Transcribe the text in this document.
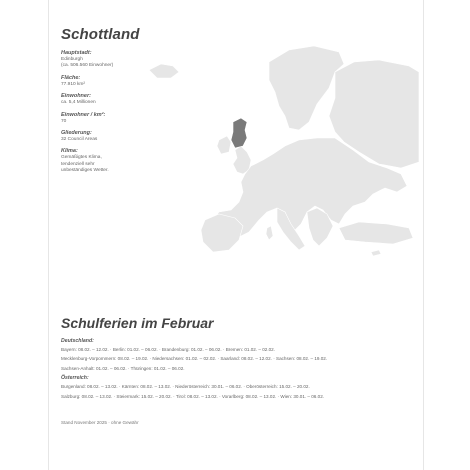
Schottland
Hauptstadt:
Edinburgh
(ca. 506.560 Einwohner)
Fläche:
77.910 km²
Einwohner:
ca. 5,4 Millionen
Einwohner / km²:
70
Gliederung:
32 Council Areas
Klima:
Gemäßigtes Klima,
tendenziell sehr
unbeständiges Wetter.
Schulferien im Februar
Deutschland:
Bayern: 08.02. – 12.02. · Berlin: 01.02. – 06.02. · Brandenburg: 01.02. – 06.02. · Bremen: 01.02. – 02.02.
Mecklenburg-Vorpommern: 08.02. – 19.02. · Niedersachsen: 01.02. – 02.02. · Saarland: 08.02. – 12.02. · Sachsen: 08.02. – 19.02.
Sachsen-Anhalt: 01.02. – 06.02. · Thüringen: 01.02. – 06.02.
Österreich:
Burgenland: 08.02. – 13.02. · Kärnten: 08.02. – 13.02. · Niederösterreich: 30.01. – 06.02. · Oberösterreich: 15.02. – 20.02.
Salzburg: 08.02. – 13.02. · Steiermark: 15.02. – 20.02. · Tirol: 08.02. – 13.02. · Vorarlberg: 08.02. – 13.02. · Wien: 30.01. – 06.02.
Stand November 2025 · ohne Gewähr
